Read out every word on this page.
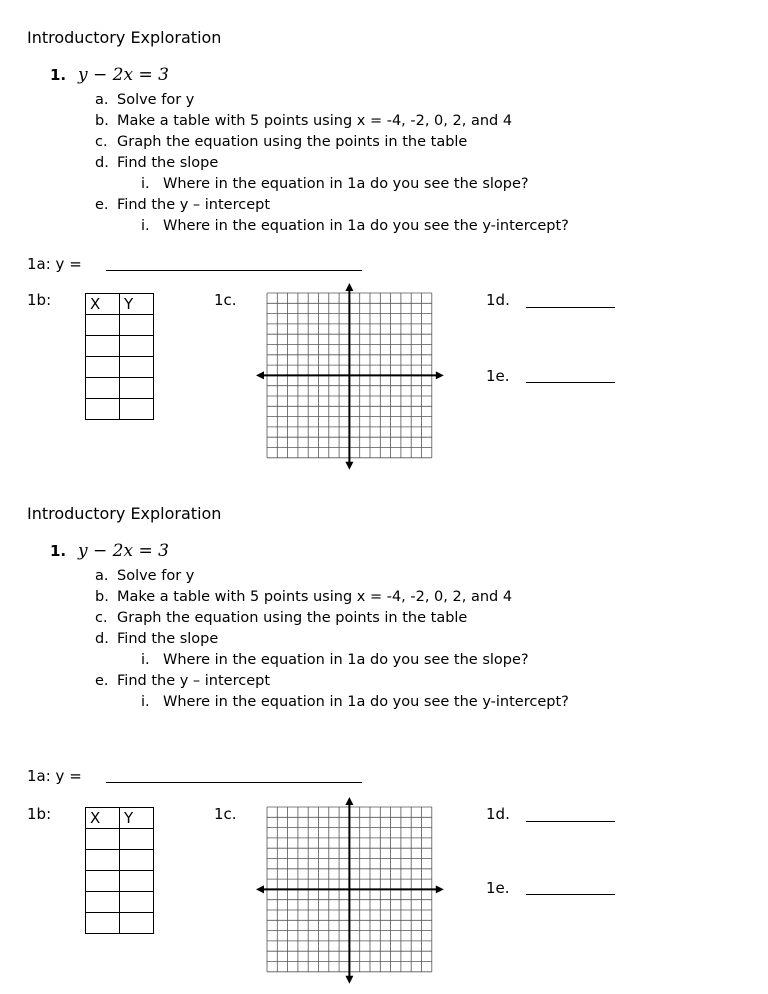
Introductory Exploration
1. y − 2x = 3
a. Solve for y
b. Make a table with 5 points using x = -4, -2, 0, 2, and 4
c. Graph the equation using the points in the table
d. Find the slope
i. Where in the equation in 1a do you see the slope?
e. Find the y – intercept
i. Where in the equation in 1a do you see the y-intercept?
1a: y =
1b:	X	Y

		1c.	1d.
1e.
Introductory Exploration
1. y − 2x = 3
a. Solve for y
b. Make a table with 5 points using x = -4, -2, 0, 2, and 4
c. Graph the equation using the points in the table
d. Find the slope
i. Where in the equation in 1a do you see the slope?
e. Find the y – intercept
i. Where in the equation in 1a do you see the y-intercept?
1a: y =
1b:	X	Y

		1c.	1d.
1e.
